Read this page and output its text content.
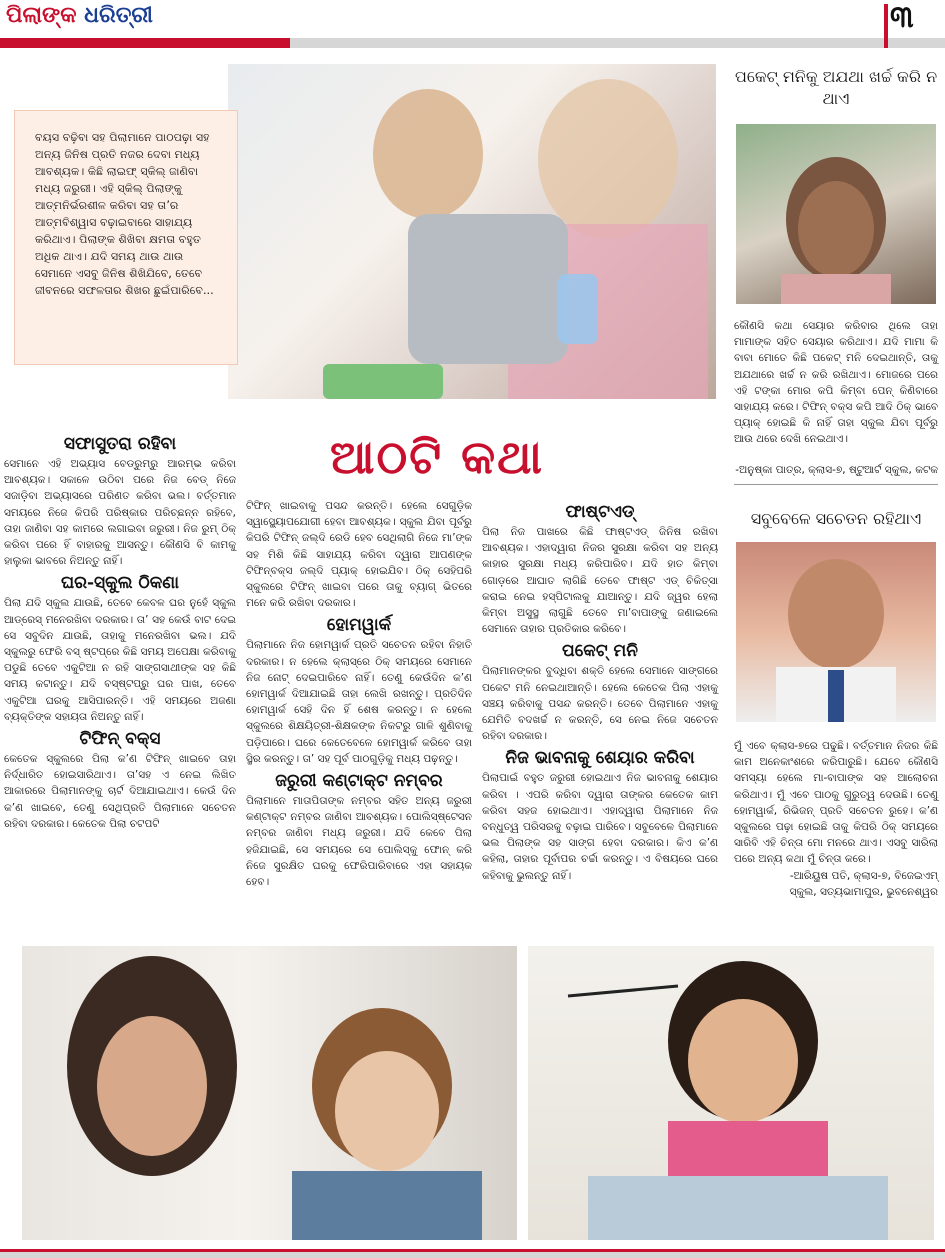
ପିଲାଙ୍କ ଧରିତ୍ରୀ	୩
ବୟସ ବଢ଼ିବା ସହ ପିଲାମାନେ ପାଠପଢ଼ା ସହ ଅନ୍ୟ ଜିନିଷ ପ୍ରତି ନଜର ଦେବା ମଧ୍ୟ ଆବଶ୍ୟକ। କିଛି ଲାଇଫ୍ ସ୍କିଲ୍ ଜାଣିବା ମଧ୍ୟ ଜରୁରୀ। ଏହି ସ୍କିଲ୍ ପିଲାଙ୍କୁ ଆତ୍ମନିର୍ଭରଶୀଳ କରିବା ସହ ତା’ର ଆତ୍ମବିଶ୍ୱାସ ବଢ଼ାଇବାରେ ସାହାଯ୍ୟ କରିଥାଏ। ପିଲାଙ୍କ ଶିଖିବା କ୍ଷମତା ବହୁତ ଅଧିକ ଥାଏ। ଯଦି ସମୟ ଥାଉ ଥାଉ ସେମାନେ ଏସବୁ ଜିନିଷ ଶିଖିଯିବେ, ତେବେ ଜୀବନରେ ସଫଳତାର ଶିଖର ଛୁଇଁପାରିବେ...
ଆଠଟି କଥା
ସଫାସୁତରା ରହିବା
ସେମାନେ ଏହି ଅଭ୍ୟାସ ବେଡ୍‌ରୁମ୍‌ରୁ ଆରମ୍ଭ କରିବା ଆବଶ୍ୟକ। ସକାଳେ ଉଠିବା ପରେ ନିଜ ବେଡ୍ ନିଜେ ସଜାଡ଼ିବା ଅଭ୍ୟାସରେ ପରିଣତ କରିବା ଭଲ। ବର୍ତ୍ତମାନ ସମୟରେ ନିଜେ କିପରି ପରିଷ୍କାର ପରିଚ୍ଛନ୍ନ ରହିବେ, ତାହା ଜାଣିବା ସହ କାମରେ ଲଗାଇବା ଜରୁରୀ। ନିଜ ରୁମ୍ ଠିକ୍ କରିବା ପରେ ହିଁ ବାହାରକୁ ଆସନ୍ତୁ। କୌଣସି ବି କାମକୁ ହାଲୁକା ଭାବରେ ନିଅନ୍ତୁ ନାହିଁ।
ଘର-ସ୍କୁଲ ଠିକଣା
ପିଲା ଯଦି ସ୍କୁଲ ଯାଉଛି, ତେବେ କେବଳ ଘର ନୁହେଁ ସ୍କୁଲ ଆଡ୍ରେସ୍ ମନେରଖିବା ଦରକାର। ତା’ ସହ କେଉଁ ବାଟ ଦେଇ ସେ ସବୁଦିନ ଯାଉଛି, ତାହାକୁ ମନେରଖିବା ଭଲ। ଯଦି ସ୍କୁଲରୁ ଫେରି ବସ୍ ଷ୍ଟପ୍‌ରେ କିଛି ସମୟ ଅପେକ୍ଷା କରିବାକୁ ପଡୁଛି ତେବେ ଏକୁଟିଆ ନ ରହି ସାଙ୍ଗସାଥୀଙ୍କ ସହ କିଛି ସମୟ କଟାନ୍ତୁ। ଯଦି ବସ୍‌ଷ୍ଟପ୍‌ରୁ ଘର ପାଖ, ତେବେ ଏକୁଟିଆ ଘରକୁ ଆସିପାରନ୍ତି। ଏହି ସମୟରେ ଅଜଣା ବ୍ୟକ୍ତିଙ୍କ ସହାୟତା ନିଅନ୍ତୁ ନାହିଁ।
ଟିଫିନ୍ ବକ୍ସ
କେତେକ ସ୍କୁଲରେ ପିଲା କ’ଣ ଟିଫିନ୍ ଖାଇବେ ତାହା ନିର୍ଦ୍ଧାରିତ ହୋଇସାରିଥାଏ। ତା’ସହ ଏ ନେଇ ଲିଖିତ ଆକାରରେ ପିଲାମାନଙ୍କୁ ଚାର୍ଟ ଦିଆଯାଇଥାଏ। କେଉଁ ଦିନ କ’ଣ ଖାଇବେ, ତେଣୁ ସେଥିପ୍ରତି ପିଲାମାନେ ସଚେତନ ରହିବା ଦରକାର। କେତେକ ପିଲା ଚଟପଟି
ଟିଫିନ୍ ଖାଇବାକୁ ପସନ୍ଦ କରନ୍ତି। ହେଲେ ସେଗୁଡ଼ିକ ସ୍ୱାସ୍ଥ୍ୟୋପଯୋଗୀ ହେବା ଆବଶ୍ୟକ। ସ୍କୁଲ ଯିବା ପୂର୍ବରୁ କିପରି ଟିଫିନ୍ ଜଲ୍ଦି ରେଡି ହେବ ସେଥିଲାଗି ନିଜେ ମା’ଙ୍କ ସହ ମିଶି କିଛି ସାହାଯ୍ୟ କରିବା ଦ୍ୱାରା ଆପଣଙ୍କ ଟିଫିନ୍‌ବକ୍ସ ଜଲ୍ଦି ପ୍ୟାକ୍ ହୋଇଯିବ। ଠିକ୍ ସେହିପରି ସ୍କୁଲରେ ଟିଫିନ୍ ଖାଇବା ପରେ ତାକୁ ବ୍ୟାଗ୍ ଭିତରେ ମନେ କରି ରଖିବା ଦରକାର।
ହୋମୱାର୍କ
ପିଲାମାନେ ନିଜ ହୋମୱାର୍କ ପ୍ରତି ସଚେତନ ରହିବା ନିହାତି ଦରକାର। ନ ହେଲେ କ୍ଲାସ୍‌ରେ ଠିକ୍ ସମୟରେ ସେମାନେ ନିଜ ନୋଟ୍ ଦେଇପାରିବେ ନାହିଁ। ତେଣୁ କେଉଁଦିନ କ’ଣ ହୋମୱାର୍କ ଦିଆଯାଇଛି ତାହା ଲେଖି ରଖନ୍ତୁ। ପ୍ରତିଦିନ ହୋମୱାର୍କ ସେହି ଦିନ ହିଁ ଶେଷ କରନ୍ତୁ। ନ ହେଲେ ସ୍କୁଲରେ ଶିକ୍ଷୟିତ୍ରୀ-ଶିକ୍ଷକଙ୍କ ନିକଟରୁ ଗାଳି ଶୁଣିବାକୁ ପଡ଼ିପାରେ। ଘରେ କେତେବେଳେ ହୋମୱାର୍କ କରିବେ ତାହା ସ୍ଥିର କରନ୍ତୁ। ତା’ ସହ ପୂର୍ବ ପାଠଗୁଡ଼ିକୁ ମଧ୍ୟ ପଢ଼ନ୍ତୁ।
ଜରୁରୀ କଣ୍ଟାକ୍ଟ ନମ୍ବର
ପିଲାମାନେ ମାତାପିତାଙ୍କ ନମ୍ବର ସହିତ ଅନ୍ୟ ଜରୁରୀ କଣ୍ଟାକ୍ଟ ନମ୍ବର ଜାଣିବା ଆବଶ୍ୟକ। ପୋଲିସ୍‌ଷ୍ଟେସନ ନମ୍ବର ଜାଣିବା ମଧ୍ୟ ଜରୁରୀ। ଯଦି କେବେ ପିଲା ହଜିଯାଇଛି, ସେ ସମୟରେ ସେ ପୋଲିସ୍‌କୁ ଫୋନ୍ କରି ନିଜେ ସୁରକ୍ଷିତ ଘରକୁ ଫେରିପାରିବାରେ ଏହା ସହାୟକ ହେବ।
ଫାଷ୍ଟଏଡ୍
ପିଲା ନିଜ ପାଖରେ କିଛି ଫାଷ୍ଟଏଡ୍ ଜିନିଷ ରଖିବା ଆବଶ୍ୟକ। ଏହାଦ୍ୱାରା ନିଜର ସୁରକ୍ଷା କରିବା ସହ ଅନ୍ୟ କାହାର ସୁରକ୍ଷା ମଧ୍ୟ କରିପାରିବ। ଯଦି ହାତ କିମ୍ବା ଗୋଡ଼ରେ ଆଘାତ ଲାଗିଛି ତେବେ ଫାଷ୍ଟ ଏଡ୍ ଚିକିତ୍ସା କରାଇ ନେଇ ହସ୍‌ପିଟାଲକୁ ଯାଆନ୍ତୁ। ଯଦି ଜ୍ୱର ହେଲା କିମ୍ବା ଅସୁସ୍ଥ ଲାଗୁଛି ତେବେ ମା’ବାପାଙ୍କୁ ଜଣାଇଲେ ସେମାନେ ତାହାର ପ୍ରତିକାର କରିବେ।
ପକେଟ୍ ମନି
ପିଲାମାନଙ୍କର ବୁଦ୍ଧିବା ଶକ୍ତି ହେଲେ ସେମାନେ ସାଙ୍ଗରେ ପକେଟ ମନି ନେଇଥାଆନ୍ତି। ହେଲେ କେତେକ ପିଲା ଏହାକୁ ସଞ୍ଚୟ କରିବାକୁ ପସନ୍ଦ କରନ୍ତି। ତେବେ ପିଲାମାନେ ଏହାକୁ ଯେମିତି ବଦଖର୍ଚ୍ଚ ନ କରନ୍ତି, ସେ ନେଇ ନିଜେ ସଚେତନ ରହିବା ଦରକାର।
ନିଜ ଭାବନାକୁ ଶେୟାର କରିବା
ପିଲାପାଇଁ ବହୁତ ଜରୁରୀ ହୋଇଥାଏ ନିଜ ଭାବନାକୁ ଶେୟାର କରିବା । ଏପରି କରିବା ଦ୍ୱାରା ତାଙ୍କର କେତେକ କାମ କରିବା ସହଜ ହୋଇଥାଏ। ଏହାଦ୍ୱାରା ପିଲାମାନେ ନିଜ ବନ୍ଧୁତ୍ୱ ପରିସରକୁ ବଢ଼ାଇ ପାରିବେ। ସବୁବେଳେ ପିଲାମାନେ ଭଲ ପିଲାଙ୍କ ସହ ସାଙ୍ଗ ହେବା ଦରକାର। କିଏ କ’ଣ କହିଲା, ତାହାର ପୂର୍ବାପର ଚର୍ଚ୍ଚା କରନ୍ତୁ। ଏ ବିଷୟରେ ଘରେ କହିବାକୁ ଭୁଲନ୍ତୁ ନାହିଁ।
ପକେଟ୍ ମନିକୁ ଅଯଥା ଖର୍ଚ୍ଚ କରି ନ ଥାଏ
କୌଣସି କଥା ସେୟାର କରିବାର ଥିଲେ ତାହା ମାମାଙ୍କ ସହିତ ସେୟାର କରିଥାଏ। ଯଦି ମାମା କି ବାବା ମୋତେ କିଛି ପକେଟ୍ ମନି ଦେଇଥାନ୍ତି, ତାକୁ ଅଯଥାରେ ଖର୍ଚ୍ଚ ନ କରି ରଖିଥାଏ। ମୋଜରେ ପରେ ଏହି ଟଙ୍କା ମୋର କପି କିମ୍ବା ପେନ୍ କିଣିବାରେ ସାହାଯ୍ୟ କରେ। ଟିଫିନ୍ ବକ୍ସ କପି ଆଦି ଠିକ୍ ଭାବେ ପ୍ୟାକ୍ ହୋଇଛି କି ନାହିଁ ତାହା ସ୍କୁଲ ଯିବା ପୂର୍ବରୁ ଆଉ ଥରେ ଦେଖି ନେଇଥାଏ।
-ଅନୁଷ୍କା ପାତ୍ର, କ୍ଲାସ-୭, ଷ୍ଟୁଆର୍ଟ ସ୍କୁଲ, କଟକ
ସବୁବେଳେ ସଚେତନ ରହିଥାଏ
ମୁଁ ଏବେ କ୍ଲାସ-୭ରେ ପଢୁଛି। ବର୍ତ୍ତମାନ ନିଜର କିଛି କାମ ଅନେକାଂଶରେ କରିପାରୁଛି। ଯେବେ କୌଣସି ସମସ୍ୟା ହେଲେ ମା-ବାପାଙ୍କ ସହ ଆଲୋଚନା କରିଥାଏ। ମୁଁ ଏବେ ପାଠକୁ ଗୁରୁତ୍ୱ ଦେଉଛି। ତେଣୁ ହୋମୱାର୍କ, ରିଭିଜନ୍ ପ୍ରତି ସଚେତନ ରୁହେ। କ’ଣ ସ୍କୁଲରେ ପଢ଼ା ହୋଇଛି ତାକୁ କିପରି ଠିକ୍ ସମୟରେ ସାରିବି ଏହି ଚିନ୍ତା ମୋ ମନରେ ଥାଏ। ଏସବୁ ସାରିଲା ପରେ ଅନ୍ୟ କଥା ମୁଁ ଚିନ୍ତା କରେ।
-ଆରିୟୁଷ ପତି, କ୍ଲାସ-୭, ବିଜେଇଏମ୍
ସ୍କୁଲ, ସତ୍ୟଭାମାପୁର, ଭୁବନେଶ୍ୱର
